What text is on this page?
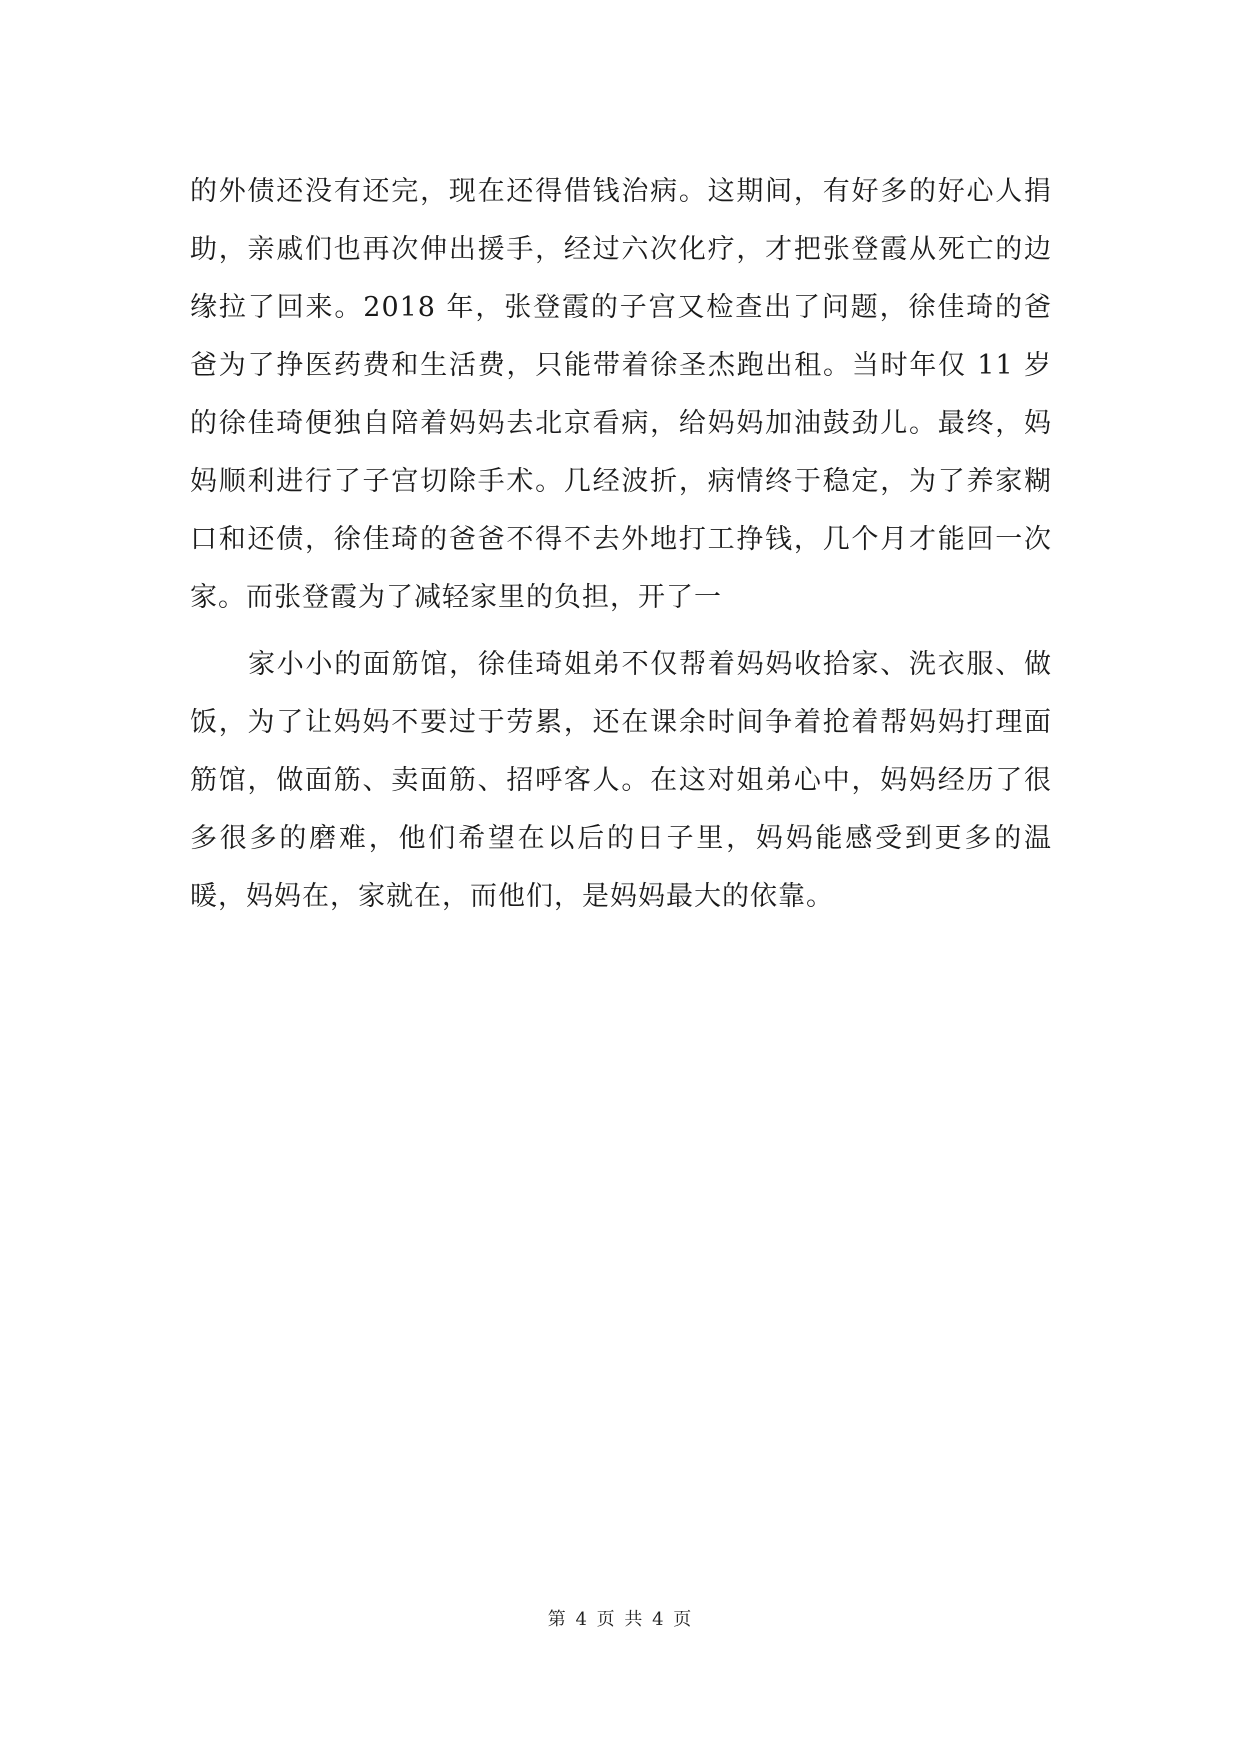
的外债还没有还完，现在还得借钱治病。这期间，有好多的好心人捐助，亲戚们也再次伸出援手，经过六次化疗，才把张登霞从死亡的边缘拉了回来。2018 年，张登霞的子宫又检查出了问题，徐佳琦的爸爸为了挣医药费和生活费，只能带着徐圣杰跑出租。当时年仅 11 岁的徐佳琦便独自陪着妈妈去北京看病，给妈妈加油鼓劲儿。最终，妈妈顺利进行了子宫切除手术。几经波折，病情终于稳定，为了养家糊口和还债，徐佳琦的爸爸不得不去外地打工挣钱，几个月才能回一次家。而张登霞为了减轻家里的负担，开了一

家小小的面筋馆，徐佳琦姐弟不仅帮着妈妈收拾家、洗衣服、做饭，为了让妈妈不要过于劳累，还在课余时间争着抢着帮妈妈打理面筋馆，做面筋、卖面筋、招呼客人。在这对姐弟心中，妈妈经历了很多很多的磨难，他们希望在以后的日子里，妈妈能感受到更多的温暖，妈妈在，家就在，而他们，是妈妈最大的依靠。

第 4 页 共 4 页
